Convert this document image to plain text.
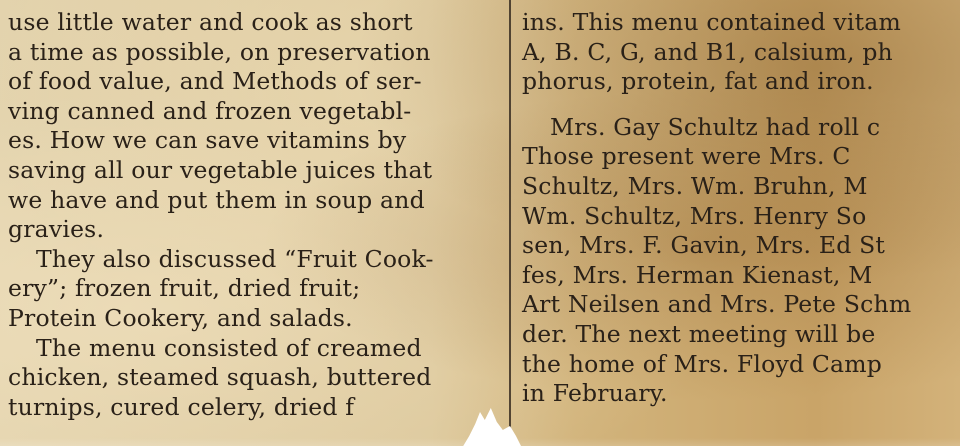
use little water and cook as short
a time as possible, on preservation
of food value, and Methods of ser-
ving canned and frozen vegetabl-
es. How we can save vitamins by
saving all our vegetable juices that
we have and put them in soup and
gravies.
They also discussed “Fruit Cook-
ery”; frozen fruit, dried fruit;
Protein Cookery, and salads.
The menu consisted of creamed
chicken, steamed squash, buttered
turnips, cured celery, dried f
ins. This menu contained vitam
A, B. C, G, and B1, calsium, ph
phorus, protein, fat and iron.
Mrs. Gay Schultz had roll c
Those present were Mrs. C
Schultz, Mrs. Wm. Bruhn, M
Wm. Schultz, Mrs. Henry So
sen, Mrs. F. Gavin, Mrs. Ed St
fes, Mrs. Herman Kienast, M
Art Neilsen and Mrs. Pete Schm
der. The next meeting will be
the home of Mrs. Floyd Camp
in February.
